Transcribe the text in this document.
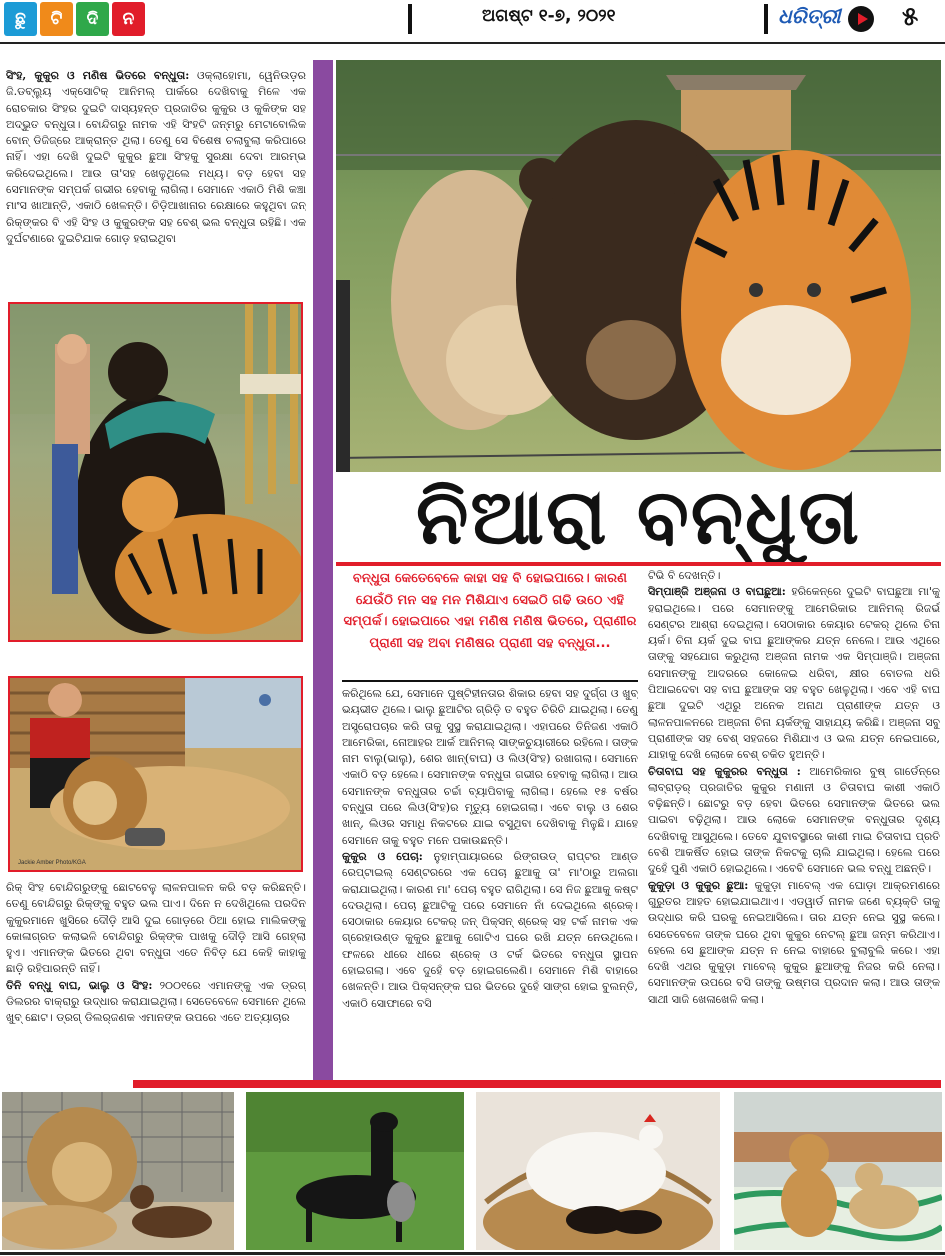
ଛୁ	ଟି	ଦି	ନ	ଅଗଷ୍ଟ ୧-୭, ୨୦୨୧	ଧରିତ୍ରୀ ୫

ସିଂହ, କୁକୁର ଓ ମଣିଷ ଭିତରେ ବନ୍ଧୁତା: ଓକ୍ଲାହୋମା, ୱେନିଉଡ଼ର ଜି.ଡବ୍ଲ୍ୟୁ ଏକ୍ସୋଟିକ୍ ଆନିମଲ୍ ପାର୍କରେ ଦେଖିବାକୁ ମିଳେ ଏକ ରୋଚକାର ସିଂହର ଦୁଇଟି ଦାସ୍ୟହନ୍ତ ପ୍ରଜାତିର କୁକୁର ଓ କୁକିଙ୍କ ସହ ଅଦ୍ଭୁତ ବନ୍ଧୁତା। ବୋନ୍ଦିଗରୁ ନାମକ ଏହି ସିଂହଟି ଜନ୍ମରୁ ମେଟାବୋଲିକ ବୋନ୍ ଡିଜିଜ୍‌ରେ ଆକ୍ରାନ୍ତ ଥିଲା। ତେଣୁ ସେ ବିଶେଷ ଚଲାବୁଲା କରିପାରେ ନାହିଁ। ଏହା ଦେଖି ଦୁଇଟି କୁକୁର ଛୁଆ ସିଂହକୁ ସୁରକ୍ଷା ଦେବା ଆରମ୍ଭ କରିଦେଇଥିଲେ। ଆଉ ତା'ସହ ଖେଳୁଥିଲେ ମଧ୍ୟ। ବଡ଼ ହେବା ସହ ସେମାନଙ୍କ ସମ୍ପର୍କ ଗଭୀର ହେବାକୁ ଲାଗିଲା। ସେମାନେ ଏକାଠି ମିଶି କଞ୍ଚା ମାଂସ ଖାଆନ୍ତି, ଏକାଠି ଖେଳନ୍ତି। ଚିଡ଼ିଆଖାନାର ରେକ୍ଷାରେ କହୁଥିବା ଜନ୍ ରିକ୍ଙ୍କର ବି ଏହି ସିଂହ ଓ କୁକୁରଙ୍କ ସହ ବେଶ୍ ଭଲ ବନ୍ଧୁତା ରହିଛି। ଏକ ଦୁର୍ଘଟଣାରେ ଦୁଇଟିଯାକ ଗୋଡ଼ ହରାଇଥିବା

Jackie Amber Photo/KGA

ରିକ୍ ସିଂହ ବୋନ୍ଦିଗରୁଙ୍କୁ ଛୋଟବେଳୁ ଲାଳନପାଳନ କରି ବଡ଼ କରିଛନ୍ତି। ତେଣୁ ବୋନ୍ଦିଗରୁ ରିକ୍‌ଙ୍କୁ ବହୁତ ଭଲ ପାଏ। ଦିନେ ନ ଦେଖିଥିଲେ ପରଦିନ କୁକୁରମାନେ ଖୁସିରେ ଦୌଡ଼ି ଆସି ଦୁଇ ଗୋଡ଼ରେ ଠିଆ ହୋଇ ମାଲିକଙ୍କୁ କୋଳାଗ୍ରତ କଲାଭଳି ବୋନ୍ଦିଗରୁ ରିକ୍‌ଙ୍କ ପାଖକୁ ଦୌଡ଼ି ଆସି ଗେହ୍ଲା ହୁଏ। ଏମାନଙ୍କ ଭିତରେ ଥିବା ବନ୍ଧୁତା ଏତେ ନିବିଡ଼ ଯେ କେହି କାହାକୁ ଛାଡ଼ି ରହିପାରନ୍ତି ନାହିଁ।

ତିନି ବନ୍ଧୁ ବାଘ, ଭାଲୁ ଓ ସିଂହ: ୨୦୦୧ରେ ଏମାନଙ୍କୁ ଏକ ଡ୍ରଗ୍ ଡିଲରର ବାକ୍‌ରାରୁ ଉଦ୍ଧାର କରାଯାଇଥିଲା। ସେତେବେଳେ ସେମାନେ ଥିଲେ ଖୁବ୍ ଛୋଟ। ଡ୍ରଗ୍ ଡିଲର୍‌ଜଣକ ଏମାନଙ୍କ ଉପରେ ଏତେ ଅତ୍ୟାଚାର

ନିଆରା ବନ୍ଧୁତା
ବନ୍ଧୁତା କେତେବେଳେ କାହା ସହ ବି ହୋଇପାରେ। କାରଣ ଯେଉଁଠି ମନ ସହ ମନ ମିଶିଯାଏ ସେଇଠି ଗଢି ଉଠେ ଏହି ସମ୍ପର୍କ। ହୋଇପାରେ ଏହା ମଣିଷ ମଣିଷ ଭିତରେ, ପ୍ରାଣୀର ପ୍ରାଣୀ ସହ ଅବା ମଣିଷର ପ୍ରାଣୀ ସହ ବନ୍ଧୁତା...

କରିଥିଲେ ଯେ, ସେମାନେ ପୁଷ୍ଟିହୀନତାର ଶିକାର ହେବା ସହ ଦୁର୍ଗ୍ଗ ଓ ଖୁବ୍ ଭୟଭୀତ ଥିଲେ। ଭାଲୁ ଛୁଆଟିର ଗ୍ରିଡ଼ି ତ ବହୁତ ଚିରିଚି ଯାଇଥିଲା। ତେଣୁ ଅସ୍ତ୍ରୋପଚାର କରି ତାକୁ ସୁସ୍ଥ କରାଯାଇଥିଲା। ଏହାପରେ ତିନିଜଣ ଏକାଠି ଆମେରିକା, ନୋଆହର ଆର୍କ ଆନିମଲ୍ ସାଙ୍କଚୁୟାରୀରେ ରହିଲେ। ତାଙ୍କ ନାମ ବାଲୁ(ଭାଲୁ), ଶେର ଖାନ୍(ବାଘ) ଓ ଲିଓ(ସିଂହ) ରଖାଗଲା। ସେମାନେ ଏକାଠି ବଡ଼ ହେଲେ। ସେମାନଙ୍କ ବନ୍ଧୁତା ଗଭୀର ହେବାକୁ ଲାଗିଲା। ଆଉ ସେମାନଙ୍କ ବନ୍ଧୁତାର ଚର୍ଚ୍ଚା ବ୍ୟାପିବାକୁ ଲାଗିଲା। ହେଲେ ୧୫ ବର୍ଷର ବନ୍ଧୁତା ପରେ ଲିଓ(ସିଂହ)ର ମୃତ୍ୟୁ ହୋଇଗଲା। ଏବେ ବାଲୁ ଓ ଶେର ଖାନ୍, ଲିଓର ସମାଧି ନିକଟରେ ଯାଇ ବସୁଥିବା ଦେଖିବାକୁ ମିଳୁଛି। ଯାହେ ସେମାନେ ତାକୁ ବହୁତ ମନେ ପକାଉଛନ୍ତି।

କୁକୁର ଓ ପେଚା: ନୁହାମ୍ପାୟାରରେ ରିଙ୍ଗଉଡ୍ ରାପ୍ଟର ଆଣ୍ଡ ରେପ୍ଟାଇଲ୍ ସେଣ୍ଟରରେ ଏକ ପେଚା ଛୁଆକୁ ତା' ମା'ଠାରୁ ଅଲଗା କରାଯାଇଥିଲା। କାରଣ ମା' ପେଚା ବହୁତ ରାଗିଥିଲା। ସେ ନିଜ ଛୁଆକୁ କଷ୍ଟ ଦେଉଥିଲା। ପେଚା ଛୁଆଟିକୁ ପରେ ସେମାନେ ନାଁ ଦେଇଥିଲେ ଶ୍ରେକ୍। ସେଠାକାର କେୟାର ଟେକର୍ ଜନ୍ ପିକ୍ସନ୍ ଶ୍ରେକ୍ ସହ ଟର୍କ ନାମକ ଏକ ଗ୍ରେହାଉଣ୍ଡ କୁକୁର ଛୁଆକୁ ଗୋଟିଏ ଘରେ ରଖି ଯତ୍ନ ନେଉଥିଲେ। ଫଳରେ ଧୀରେ ଧୀରେ ଶ୍ରେକ୍ ଓ ଟର୍କ ଭିତରେ ବନ୍ଧୁତା ସ୍ଥାପନ ହୋଇଗଲା। ଏବେ ଦୁହେଁ ବଡ଼ ହୋଇଗଲେଣି। ସେମାନେ ମିଶି ବାହାରେ ଖେଳନ୍ତି। ଆଉ ପିକ୍ସନ୍‌ଙ୍କ ଘର ଭିତରେ ଦୁହେଁ ସାଙ୍ଗ ହୋଇ ବୁଲନ୍ତି, ଏକାଠି ସୋଫାରେ ବସି

ଟିଭି ବି ଦେଖନ୍ତି।

ସିମ୍ପାଞ୍ଜି ଅଞ୍ଜନା ଓ ବାଘଛୁଆ: ହରିକେନ୍‌ରେ ଦୁଇଟି ବାଘଛୁଆ ମା'କୁ ହରାଇଥିଲେ। ପରେ ସେମାନଙ୍କୁ ଆମେରିକାର ଆନିମଲ୍ ରିଜର୍ଭ ସେଣ୍ଟର ଆଶ୍ରା ଦେଇଥିଲା। ସେଠାକାର କେୟାର ଟେକର୍ ଥିଲେ ଚିନା ୟର୍କ। ଚିନା ୟର୍କ ଦୁଇ ବାଘ ଛୁଆଙ୍କର ଯତ୍ନ ନେଲେ। ଆଉ ଏଥିରେ ତାଙ୍କୁ ସହଯୋଗ କରୁଥିଲା ଅଞ୍ଜନା ନାମକ ଏକ ସିମ୍ପାଞ୍ଜି। ଅଞ୍ଜନା ସେମାନଙ୍କୁ ଆଦରରେ କୋଳେଇ ଧରିବା, କ୍ଷୀର ବୋତଲ ଧରି ପିଆଇଦେବା ସହ ବାଘ ଛୁଆଙ୍କ ସହ ବହୁତ ଖେଳୁଥିଲା। ଏବେ ଏହି ବାଘ ଛୁଆ ଦୁଇଟି ଏଥିରୁ ଅନେକ ଅନାଥ ପ୍ରାଣୀଙ୍କ ଯତ୍ନ ଓ ଲାଳନପାଳନରେ ଅଞ୍ଜନା ଚିନା ୟର୍କଙ୍କୁ ସାହାଯ୍ୟ କରିଛି। ଅଞ୍ଜନା ସବୁ ପ୍ରାଣୀଙ୍କ ସହ ବେଶ୍ ସହଜରେ ମିଶିଯାଏ ଓ ଭଲ ଯତ୍ନ ନେଇପାରେ, ଯାହାକୁ ଦେଖି ଲୋକେ ବେଶ୍ ଚକିତ ହୁଅନ୍ତି।

ଚିତାବାଘ ସହ କୁକୁରର ବନ୍ଧୁତା : ଆମେରିକାର ବୁଷ୍ ଗାର୍ଡେନ୍‌ରେ ଲାବ୍ରାଡ଼ର୍ ପ୍ରଜାତିର କୁକୁର ମଣାନୀ ଓ ଚିତାବାଘ କାଶୀ ଏକାଠି ବଢ଼ିଛନ୍ତି। ଛୋଟରୁ ବଡ଼ ହେବା ଭିତରେ ସେମାନଙ୍କ ଭିତରେ ଭଲ ପାଇବା ବଢ଼ିଥିଲା। ଆଉ ଲୋକେ ସେମାନଙ୍କ ବନ୍ଧୁତାର ଦୃଶ୍ୟ ଦେଖିବାକୁ ଆସୁଥିଲେ। ତେବେ ଯୁବାବସ୍ଥାରେ କାଶୀ ମାଇ ଚିତାବାଘ ପ୍ରତି ବେଶି ଆକର୍ଷିତ ହୋଇ ତାଙ୍କ ନିକଟକୁ ଚାଲି ଯାଇଥିଲା। ହେଲେ ପରେ ଦୁହେଁ ପୁଣି ଏକାଠି ହୋଇଥିଲେ। ଏବେବି ସେମାନେ ଭଲ ବନ୍ଧୁ ଅଛନ୍ତି।

କୁକୁଡ଼ା ଓ କୁକୁର ଛୁଆ: କୁକୁଡ଼ା ମାବେଲ୍ ଏକ ଘୋଡ଼ା ଆକ୍ରମଣରେ ଗୁରୁତର ଆହତ ହୋଇଯାଇଥାଏ। ଏଡୱାର୍ଡ ନାମକ ଜଣେ ବ୍ୟକ୍ତି ତାକୁ ଉଦ୍ଧାର କରି ଘରକୁ ନେଇଆସିଲେ। ତାର ଯତ୍ନ ନେଇ ସୁସ୍ଥ କଲେ। ସେତେବେଳେ ତାଙ୍କ ଘରେ ଥିବା କୁକୁର ନେଟଲ୍ ଛୁଆ ଜନ୍ମ କରିଥାଏ। ହେଲେ ସେ ଛୁଆଙ୍କ ଯତ୍ନ ନ ନେଇ ବାହାରେ ବୁଲାବୁଲି କରେ। ଏହା ଦେଖି ଏଥର କୁକୁଡ଼ା ମାବେଲ୍ କୁକୁର ଛୁଆଙ୍କୁ ନିଜର କରି ନେଲା। ସେମାନଙ୍କ ଉପରେ ବସି ତାଙ୍କୁ ଉଷ୍ମତା ପ୍ରଦାନ କଲା। ଆଉ ତାଙ୍କ ସାଥୀ ସାଜି ଖେଳାଖେଳି କଲା।
